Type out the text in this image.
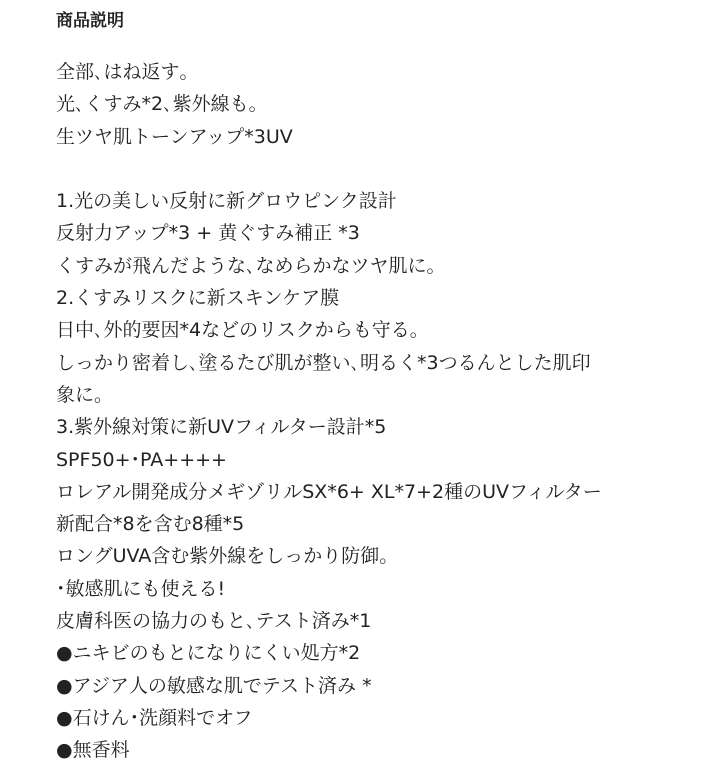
商品説明
全部､はね返す｡
光､くすみ*2､紫外線も｡
生ツヤ肌トーンアップ*3UV
1.光の美しい反射に新グロウピンク設計
反射力アップ*3 + 黄ぐすみ補正 *3
くすみが飛んだような､なめらかなツヤ肌に｡
2.くすみリスクに新スキンケア膜
日中､外的要因*4などのリスクからも守る｡
しっかり密着し､塗るたび肌が整い､明るく*3つるんとした肌印
象に｡
3.紫外線対策に新UVフィルター設計*5
SPF50+･PA++++
ロレアル開発成分メギゾリルSX*6+ XL*7+2種のUVフィルター
新配合*8を含む8種*5
ロングUVA含む紫外線をしっかり防御｡
･敏感肌にも使える!
皮膚科医の協力のもと､テスト済み*1
●ニキビのもとになりにくい処方*2
●アジア人の敏感な肌でテスト済み *
●石けん･洗顔料でオフ
●無香料
